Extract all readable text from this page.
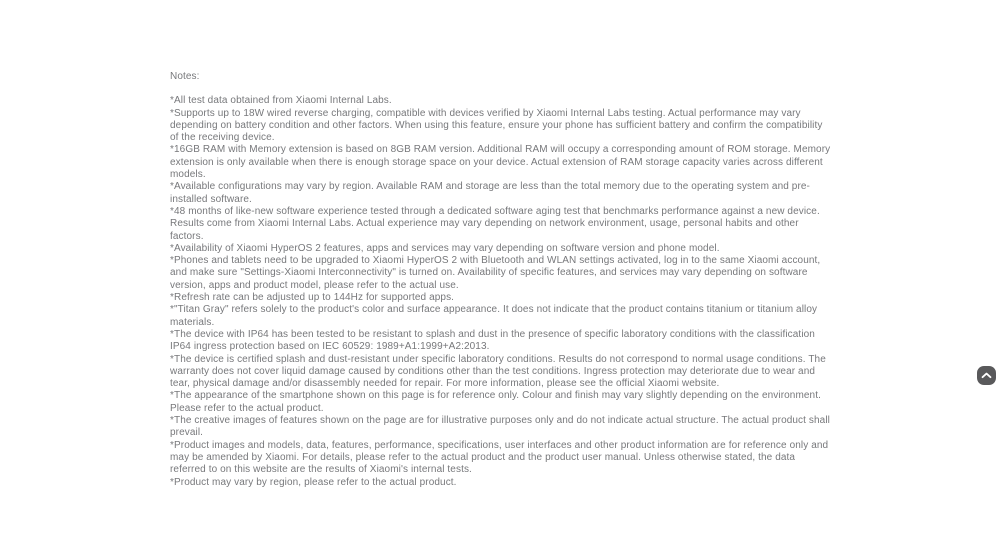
Notes:

*All test data obtained from Xiaomi Internal Labs.

*Supports up to 18W wired reverse charging, compatible with devices verified by Xiaomi Internal Labs testing. Actual performance may vary depending on battery condition and other factors. When using this feature, ensure your phone has sufficient battery and confirm the compatibility of the receiving device.

*16GB RAM with Memory extension is based on 8GB RAM version. Additional RAM will occupy a corresponding amount of ROM storage. Memory extension is only available when there is enough storage space on your device. Actual extension of RAM storage capacity varies across different models.

*Available configurations may vary by region. Available RAM and storage are less than the total memory due to the operating system and pre-installed software.

*48 months of like-new software experience tested through a dedicated software aging test that benchmarks performance against a new device. Results come from Xiaomi Internal Labs. Actual experience may vary depending on network environment, usage, personal habits and other factors.

*Availability of Xiaomi HyperOS 2 features, apps and services may vary depending on software version and phone model.

*Phones and tablets need to be upgraded to Xiaomi HyperOS 2 with Bluetooth and WLAN settings activated, log in to the same Xiaomi account, and make sure "Settings-Xiaomi Interconnectivity" is turned on. Availability of specific features, and services may vary depending on software version, apps and product model, please refer to the actual use.

*Refresh rate can be adjusted up to 144Hz for supported apps.

*"Titan Gray" refers solely to the product's color and surface appearance. It does not indicate that the product contains titanium or titanium alloy materials.

*The device with IP64 has been tested to be resistant to splash and dust in the presence of specific laboratory conditions with the classification IP64 ingress protection based on IEC 60529: 1989+A1:1999+A2:2013.

*The device is certified splash and dust-resistant under specific laboratory conditions. Results do not correspond to normal usage conditions. The warranty does not cover liquid damage caused by conditions other than the test conditions. Ingress protection may deteriorate due to wear and tear, physical damage and/or disassembly needed for repair. For more information, please see the official Xiaomi website.

*The appearance of the smartphone shown on this page is for reference only. Colour and finish may vary slightly depending on the environment. Please refer to the actual product.

*The creative images of features shown on the page are for illustrative purposes only and do not indicate actual structure. The actual product shall prevail.

*Product images and models, data, features, performance, specifications, user interfaces and other product information are for reference only and may be amended by Xiaomi. For details, please refer to the actual product and the product user manual. Unless otherwise stated, the data referred to on this website are the results of Xiaomi's internal tests.

*Product may vary by region, please refer to the actual product.
